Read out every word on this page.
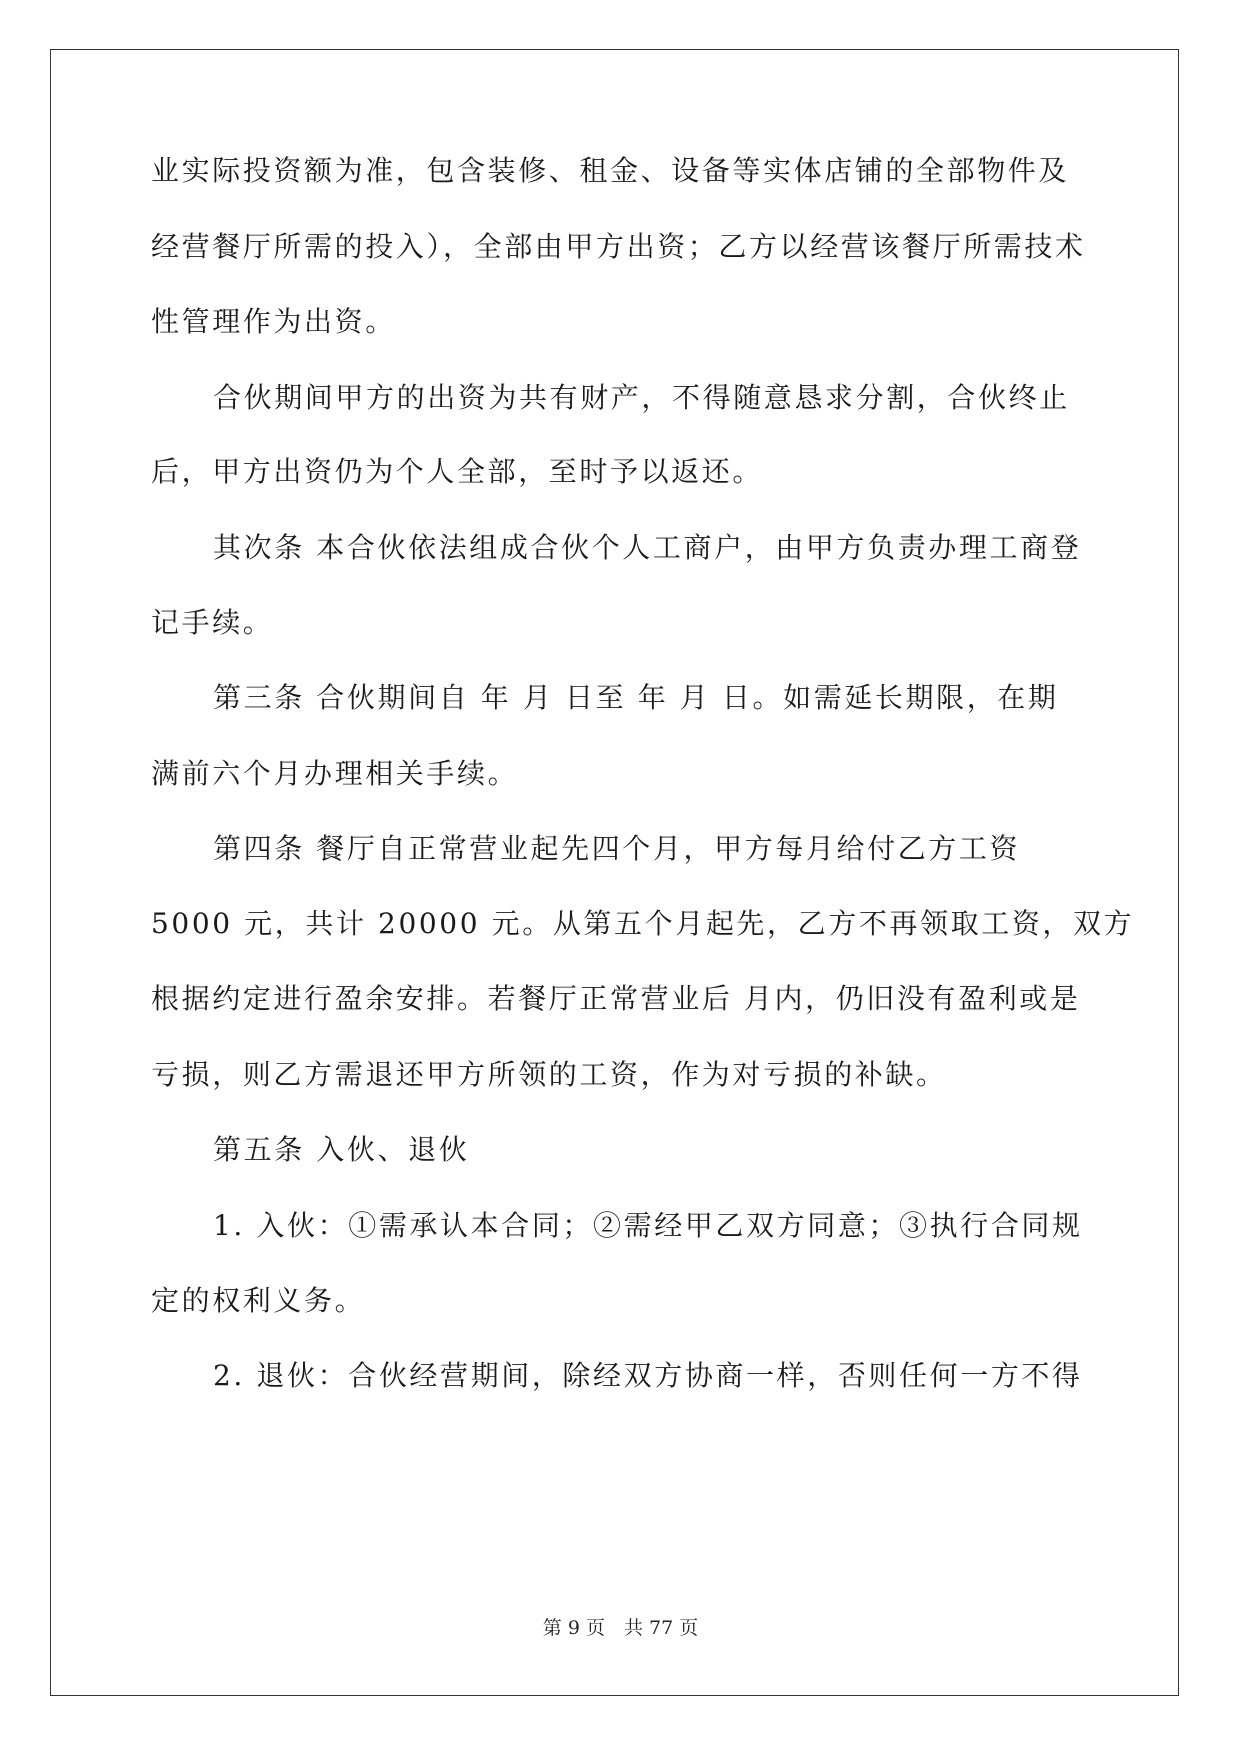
业实际投资额为准，包含装修、租金、设备等实体店铺的全部物件及
经营餐厅所需的投入），全部由甲方出资；乙方以经营该餐厅所需技术
性管理作为出资。
合伙期间甲方的出资为共有财产，不得随意恳求分割，合伙终止
后，甲方出资仍为个人全部，至时予以返还。
其次条 本合伙依法组成合伙个人工商户，由甲方负责办理工商登
记手续。
第三条 合伙期间自 年 月 日至 年 月 日。如需延长期限，在期
满前六个月办理相关手续。
第四条 餐厅自正常营业起先四个月，甲方每月给付乙方工资
5000 元，共计 20000 元。从第五个月起先，乙方不再领取工资，双方
根据约定进行盈余安排。若餐厅正常营业后 月内，仍旧没有盈利或是
亏损，则乙方需退还甲方所领的工资，作为对亏损的补缺。
第五条 入伙、退伙
1. 入伙：①需承认本合同；②需经甲乙双方同意；③执行合同规
定的权利义务。
2. 退伙：合伙经营期间，除经双方协商一样，否则任何一方不得
第 9 页　共 77 页
